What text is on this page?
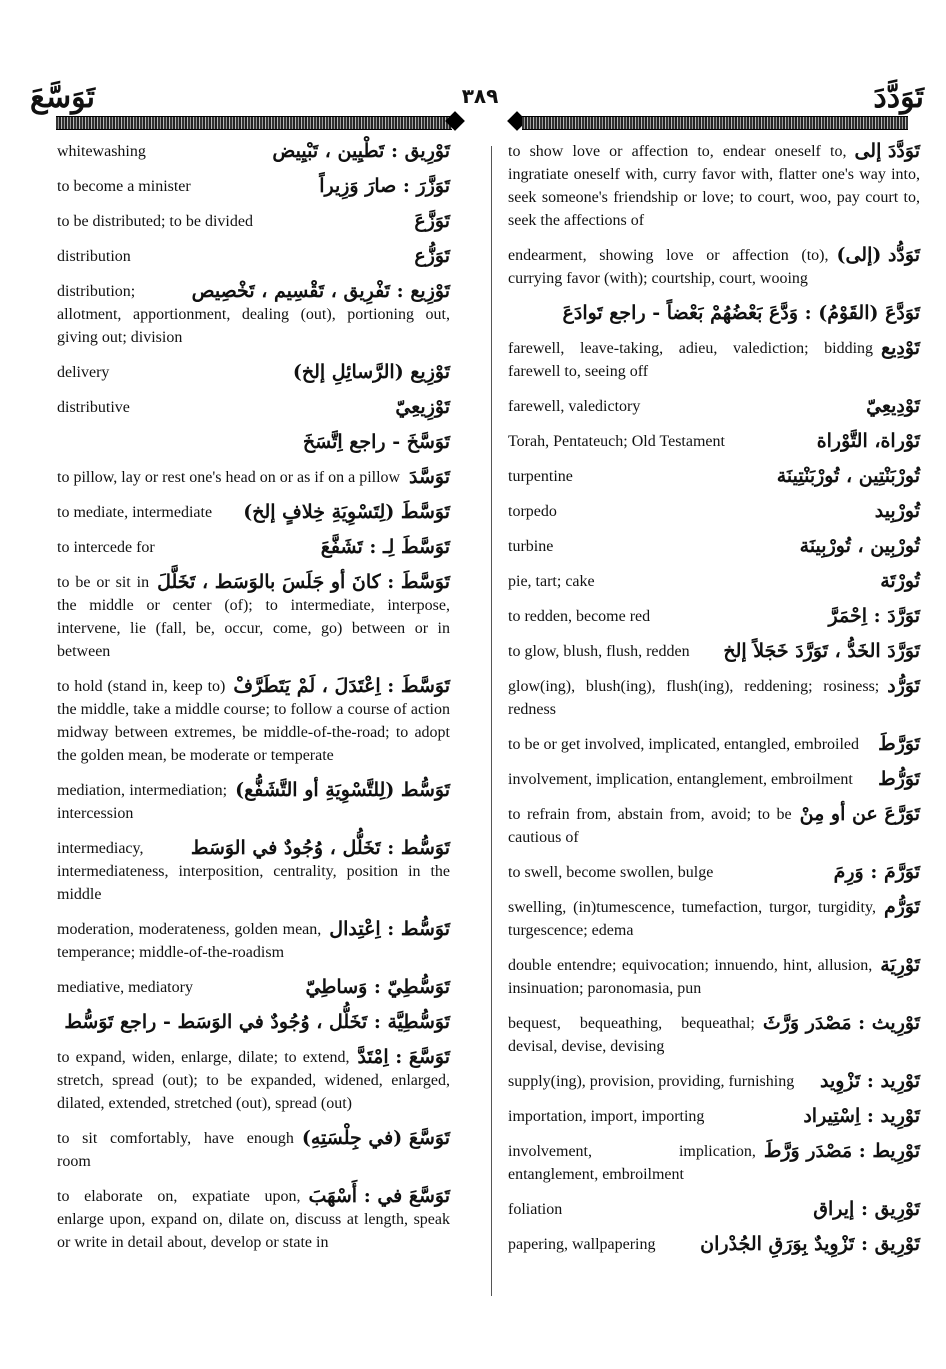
تَوَسَّعَ	٣٨٩	تَوَدَّدَ
تَوْرِيق : تَطْيِين ، تَبْيِيض
whitewashing
تَوَزَّرَ : صارَ وَزِيراً
to become a minister
تَوَزَّعَ
to be distributed; to be divided
تَوَزُّع
distribution
تَوْزِيع : تَفْرِيق ، تَقْسِيم ، تَخْصِيص
distribution; allotment, apportionment, dealing (out), portioning out, giving out; division
تَوْزِيع (الرَّسائِلِ إلخ)
delivery
تَوْزِيعِيّ
distributive
تَوَسَّخَ - راجع اِتَّسَخَ
تَوَسَّدَ
to pillow, lay or rest one's head on or as if on a pillow
تَوَسَّطَ (لِتَسْوِيَةِ خِلافٍ إلخ)
to mediate, intermediate
تَوَسَّطَ لِـ : تَشَفَّعَ
to intercede for
تَوَسَّطَ : كانَ أو جَلَسَ بالوَسَط ، تَخَلَّلَ
to be or sit in the middle or center (of); to intermediate, interpose, intervene, lie (fall, be, occur, come, go) between or in between
تَوَسَّطَ : اِعْتَدَلَ ، لَمْ يَتَطَرَّفْ
to hold (stand in, keep to) the middle, take a middle course; to follow a course of action midway between extremes, be middle-of-the-road; to adopt the golden mean, be moderate or temperate
تَوَسُّط (لِلتَّسْوِيَةِ أو التَّشَفُّع)
mediation, intermediation; intercession
تَوَسُّط : تَخَلُّل ، وُجُودٌ في الوَسَط
intermediacy, intermediateness, interposition, centrality, position in the middle
تَوَسُّط : اِعْتِدال
moderation, moderateness, golden mean, temperance; middle-of-the-roadism
تَوَسُّطِيّ : وَساطِيّ
mediative, mediatory
تَوَسُّطِيَّة : تَخَلُّل ، وُجُودٌ في الوَسَط - راجع تَوَسُّط
تَوَسَّعَ : اِمْتَدَّ
to expand, widen, enlarge, dilate; to extend, stretch, spread (out); to be expanded, widened, enlarged, dilated, extended, stretched (out), spread (out)
تَوَسَّعَ (في جِلْسَتِهِ)
to sit comfortably, have enough room
تَوَسَّعَ في : أَسْهَبَ
to elaborate on, expatiate upon, enlarge upon, expand on, dilate on, discuss at length, speak or write in detail about, develop or state in
تَوَدَّدَ إلى
to show love or affection to, endear oneself to, ingratiate oneself with, curry favor with, flatter one's way into, seek someone's friendship or love; to court, woo, pay court to, seek the affections of
تَوَدُّد (إلى)
endearment, showing love or affection (to), currying favor (with); courtship, court, wooing
تَوَدَّعَ (القَوْمُ) : وَدَّعَ بَعْضُهُمْ بَعْضاً - راجع تَوادَعَ
تَوْدِيع
farewell, leave-taking, adieu, valediction; bidding farewell to, seeing off
تَوْدِيعِيّ
farewell, valedictory
تَوْراة، التَّوْراة
Torah, Pentateuch; Old Testament
تُورْبَنْتِين ، تُورْبَنْتِينَة
turpentine
تُورْبِيد
torpedo
تُورْبِين ، تُورْبِينَة
turbine
تُورْتَة
pie, tart; cake
تَوَرَّدَ : اِحْمَرَّ
to redden, become red
تَوَرَّدَ الخَدُّ ، تَوَرَّدَ خَجَلاً إلخ
to glow, blush, flush, redden
تَوَرُّد
glow(ing), blush(ing), flush(ing), reddening; rosiness; redness
تَوَرَّطَ
to be or get involved, implicated, entangled, embroiled
تَوَرُّط
involvement, implication, entanglement, embroilment
تَوَرَّعَ عن أو مِنْ
to refrain from, abstain from, avoid; to be cautious of
تَوَرَّمَ : وَرِمَ
to swell, become swollen, bulge
تَوَرُّم
swelling, (in)tumescence, tumefaction, turgor, turgidity, turgescence; edema
تَوْرِيَة
double entendre; equivocation; innuendo, hint, allusion, insinuation; paronomasia, pun
تَوْرِيث : مَصْدَر وَرَّثَ
bequest, bequeathing, bequeathal; devisal, devise, devising
تَوْرِيد : تَزْوِيد
supply(ing), provision, providing, furnishing
تَوْرِيد : اِسْتِيراد
importation, import, importing
تَوْرِيط : مَصْدَر وَرَّطَ
involvement, implication, entanglement, embroilment
تَوْرِيق : إيراق
foliation
تَوْرِيق : تَزْوِيدٌ بِوَرَقِ الجُدْران
papering, wallpapering
